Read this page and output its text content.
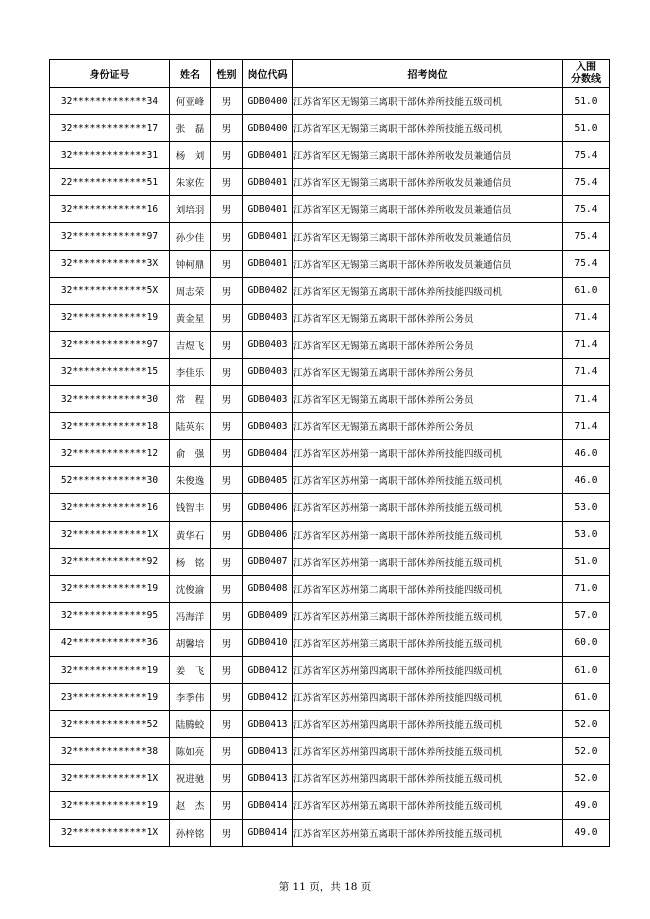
身份证号	姓名	性别	岗位代码	招考岗位	入围
分数线

32*************34	何亚峰	男	GDB0400	江苏省军区无锡第三离职干部休养所技能五级司机	51.0
32*************17	张　磊	男	GDB0400	江苏省军区无锡第三离职干部休养所技能五级司机	51.0
32*************31	杨　刘	男	GDB0401	江苏省军区无锡第三离职干部休养所收发员兼通信员	75.4
22*************51	朱家佐	男	GDB0401	江苏省军区无锡第三离职干部休养所收发员兼通信员	75.4
32*************16	刘培羽	男	GDB0401	江苏省军区无锡第三离职干部休养所收发员兼通信员	75.4
32*************97	孙少佳	男	GDB0401	江苏省军区无锡第三离职干部休养所收发员兼通信员	75.4
32*************3X	钟柯鼎	男	GDB0401	江苏省军区无锡第三离职干部休养所收发员兼通信员	75.4
32*************5X	周志荣	男	GDB0402	江苏省军区无锡第五离职干部休养所技能四级司机	61.0
32*************19	黄金星	男	GDB0403	江苏省军区无锡第五离职干部休养所公务员	71.4
32*************97	吉煜飞	男	GDB0403	江苏省军区无锡第五离职干部休养所公务员	71.4
32*************15	李佳乐	男	GDB0403	江苏省军区无锡第五离职干部休养所公务员	71.4
32*************30	常　程	男	GDB0403	江苏省军区无锡第五离职干部休养所公务员	71.4
32*************18	陆英东	男	GDB0403	江苏省军区无锡第五离职干部休养所公务员	71.4
32*************12	俞　强	男	GDB0404	江苏省军区苏州第一离职干部休养所技能四级司机	46.0
52*************30	朱俊逸	男	GDB0405	江苏省军区苏州第一离职干部休养所技能五级司机	46.0
32*************16	钱智丰	男	GDB0406	江苏省军区苏州第一离职干部休养所技能五级司机	53.0
32*************1X	黄华石	男	GDB0406	江苏省军区苏州第一离职干部休养所技能五级司机	53.0
32*************92	杨　铭	男	GDB0407	江苏省军区苏州第一离职干部休养所技能五级司机	51.0
32*************19	沈俊渝	男	GDB0408	江苏省军区苏州第二离职干部休养所技能四级司机	71.0
32*************95	冯海洋	男	GDB0409	江苏省军区苏州第三离职干部休养所技能五级司机	57.0
42*************36	胡馨培	男	GDB0410	江苏省军区苏州第三离职干部休养所技能五级司机	60.0
32*************19	姜　飞	男	GDB0412	江苏省军区苏州第四离职干部休养所技能四级司机	61.0
23*************19	李季伟	男	GDB0412	江苏省军区苏州第四离职干部休养所技能四级司机	61.0
32*************52	陆腾蛟	男	GDB0413	江苏省军区苏州第四离职干部休养所技能五级司机	52.0
32*************38	陈如亮	男	GDB0413	江苏省军区苏州第四离职干部休养所技能五级司机	52.0
32*************1X	祝进驰	男	GDB0413	江苏省军区苏州第四离职干部休养所技能五级司机	52.0
32*************19	赵　杰	男	GDB0414	江苏省军区苏州第五离职干部休养所技能五级司机	49.0
32*************1X	孙梓铭	男	GDB0414	江苏省军区苏州第五离职干部休养所技能五级司机	49.0
第 11 页，共 18 页
